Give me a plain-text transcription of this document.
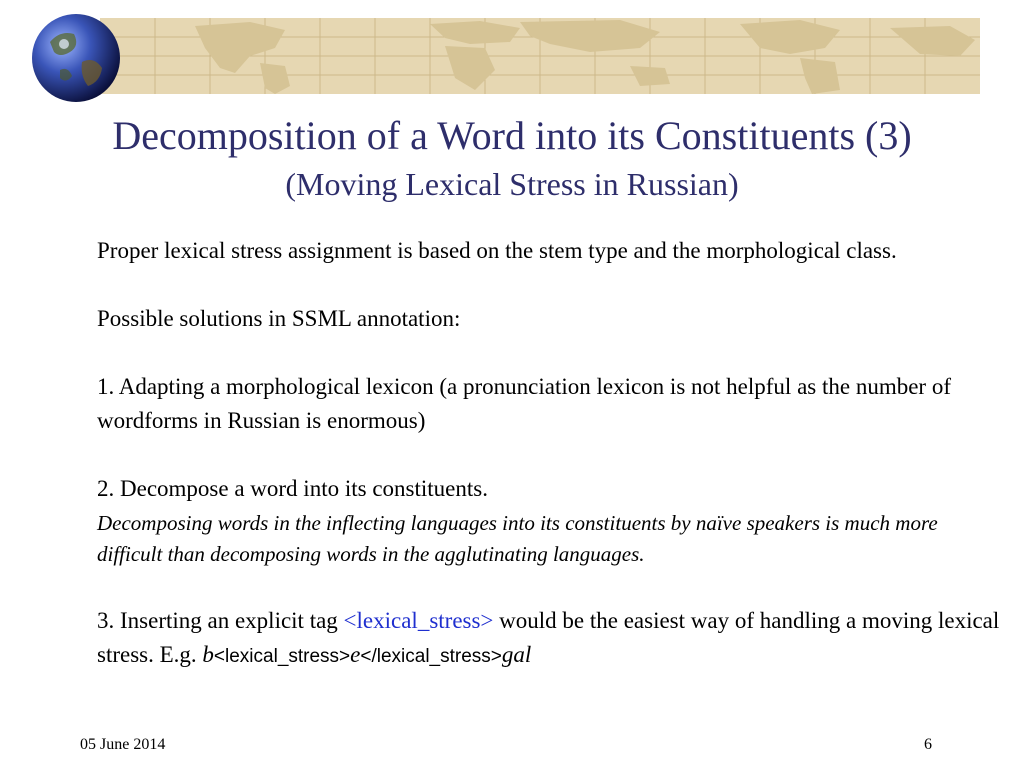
Decomposition of a Word into its Constituents (3)
(Moving Lexical Stress in Russian)

Proper lexical stress assignment is based on the stem type and the morphological class.

Possible solutions in SSML annotation:

1. Adapting a morphological lexicon (a pronunciation lexicon is not helpful as the number of wordforms in Russian is enormous)

2. Decompose a word into its constituents.

Decomposing words in the inflecting languages into its constituents by naïve speakers is much more difficult than decomposing words in the agglutinating languages.

3. Inserting an explicit tag <lexical_stress> would be the easiest way of handling a moving lexical stress. E.g. b<lexical_stress>e</lexical_stress>gal

05 June 2014	6
